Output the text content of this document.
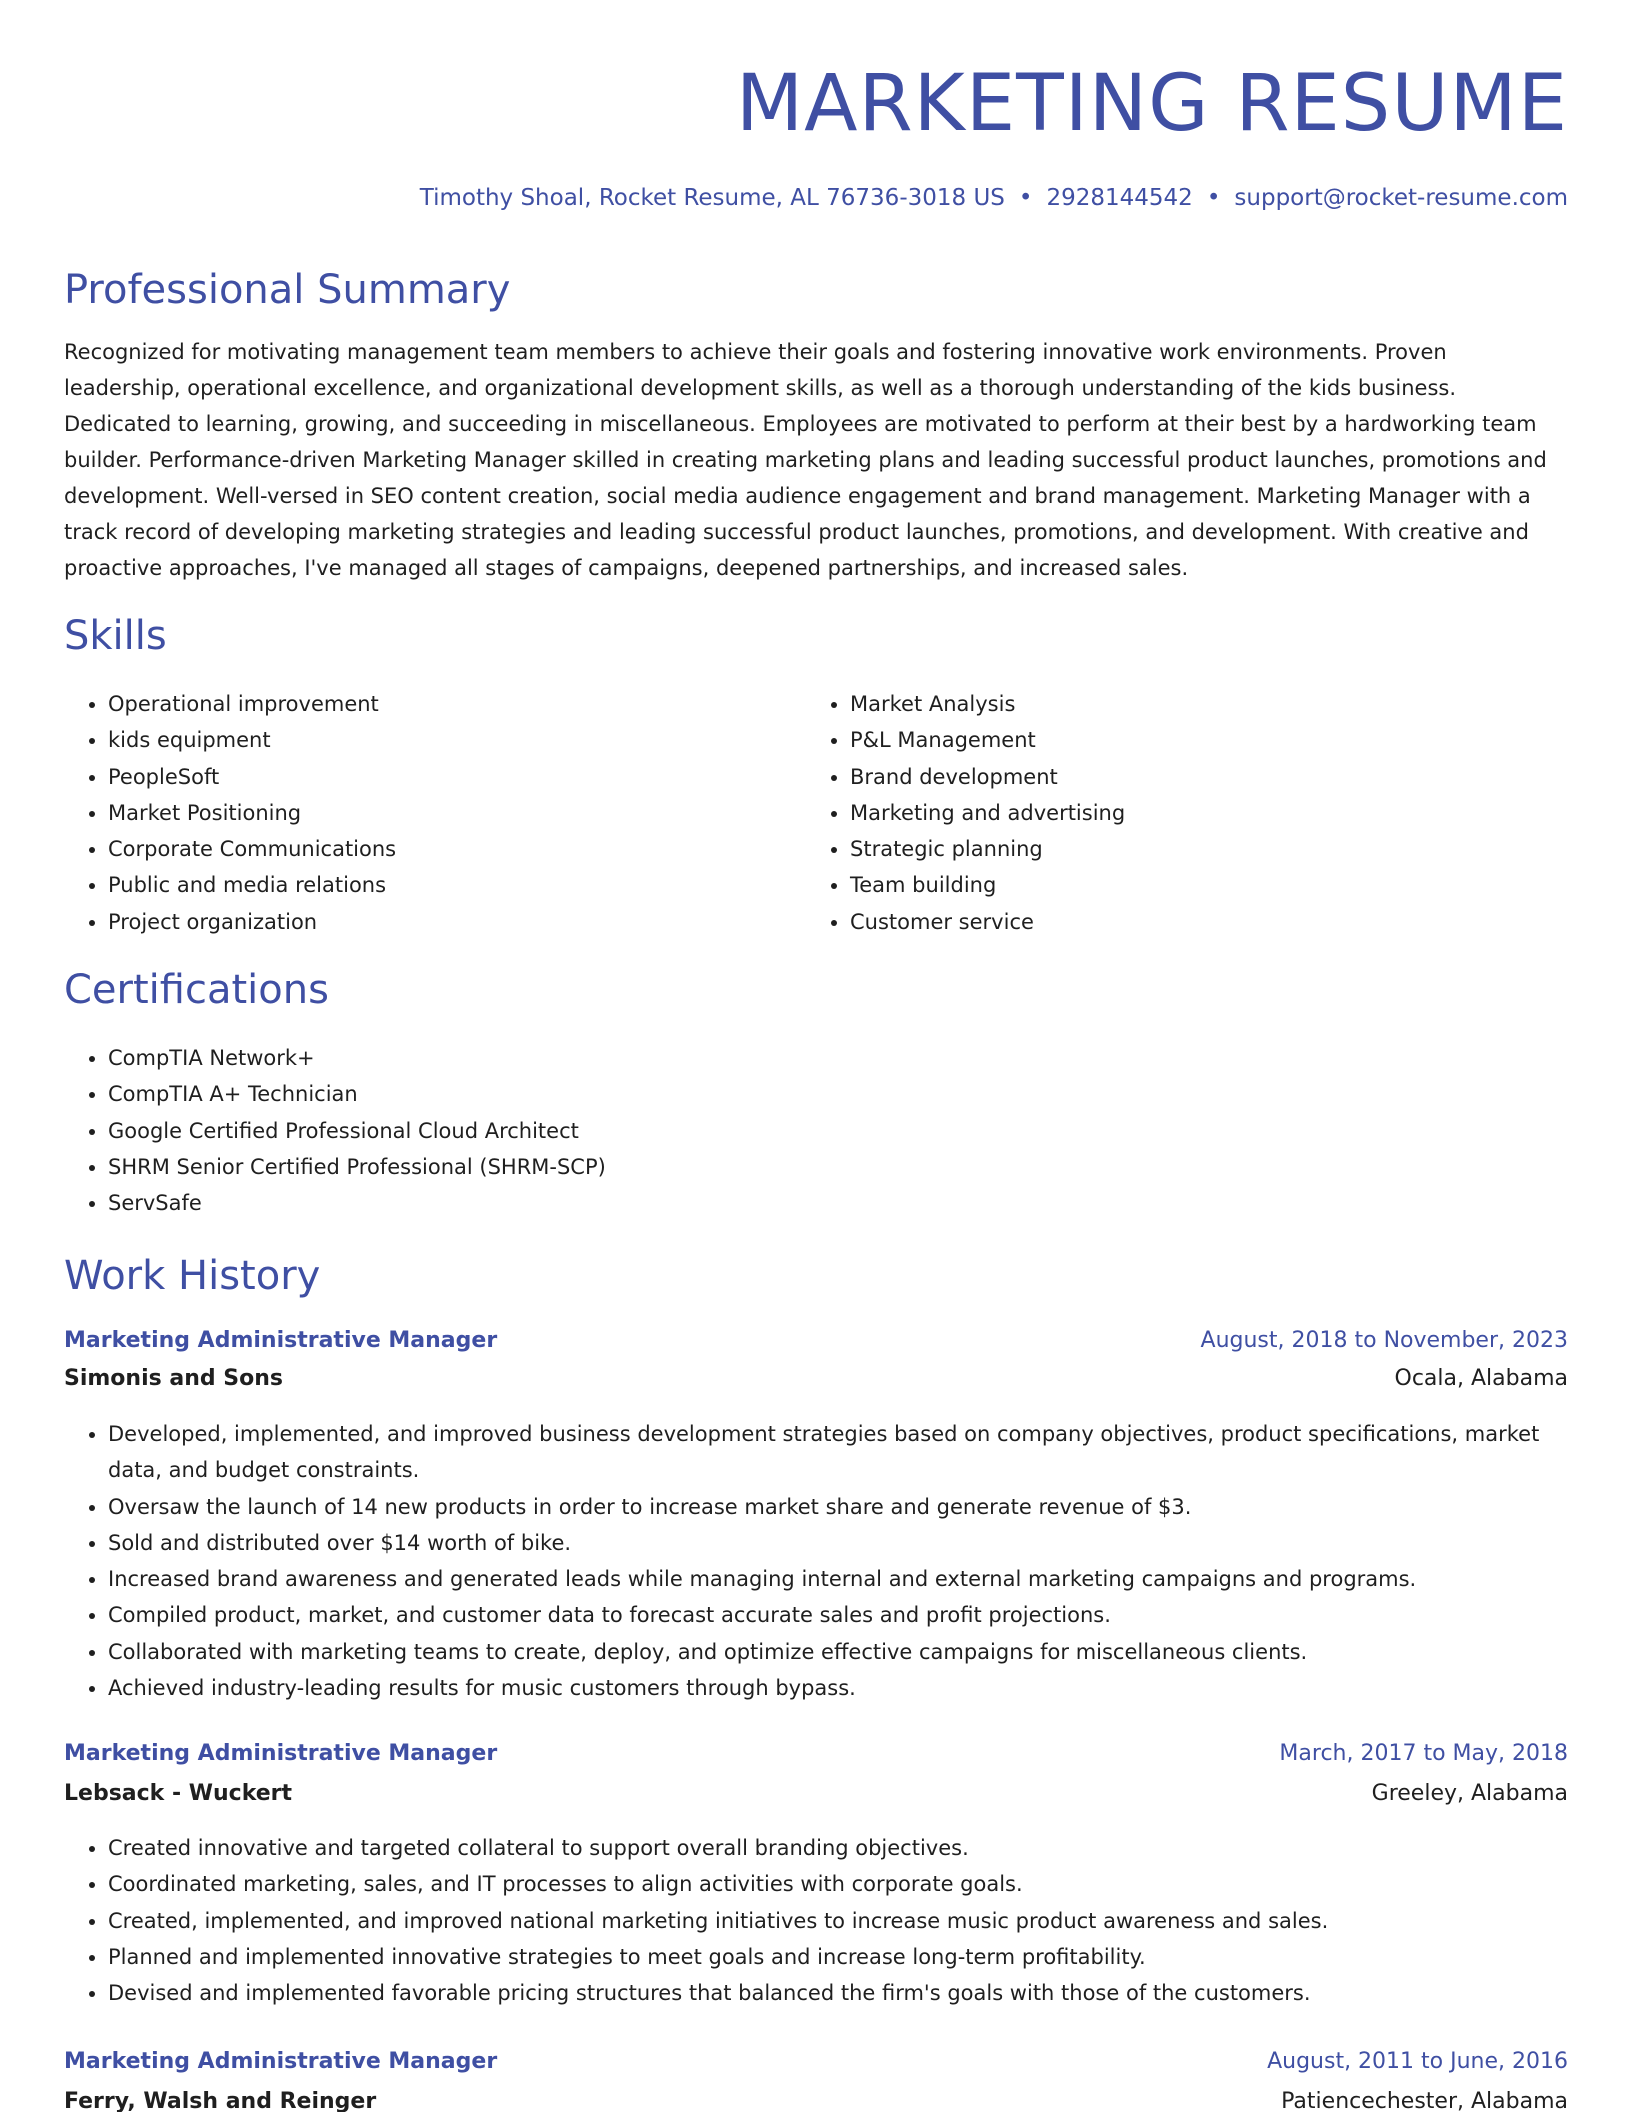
MARKETING RESUME
Timothy Shoal, Rocket Resume, AL 76736-3018 US • 2928144542 • support@rocket-resume.com
Professional Summary

Recognized for motivating management team members to achieve their goals and fostering innovative work environments. Proven leadership, operational excellence, and organizational development skills, as well as a thorough understanding of the kids business. Dedicated to learning, growing, and succeeding in miscellaneous. Employees are motivated to perform at their best by a hardworking team builder. Performance-driven Marketing Manager skilled in creating marketing plans and leading successful product launches, promotions and development. Well-versed in SEO content creation, social media audience engagement and brand management. Marketing Manager with a track record of developing marketing strategies and leading successful product launches, promotions, and development. With creative and proactive approaches, I've managed all stages of campaigns, deepened partnerships, and increased sales.

Skills
• Operational improvement
• kids equipment
• PeopleSoft
• Market Positioning
• Corporate Communications
• Public and media relations
• Project organization
• Market Analysis
• P&L Management
• Brand development
• Marketing and advertising
• Strategic planning
• Team building
• Customer service
Certifications
• CompTIA Network+
• CompTIA A+ Technician
• Google Certified Professional Cloud Architect
• SHRM Senior Certified Professional (SHRM-SCP)
• ServSafe
Work History
Marketing Administrative Manager	August, 2018 to November, 2023
Simonis and Sons	Ocala, Alabama
• Developed, implemented, and improved business development strategies based on company objectives, product specifications, market data, and budget constraints.
• Oversaw the launch of 14 new products in order to increase market share and generate revenue of $3.
• Sold and distributed over $14 worth of bike.
• Increased brand awareness and generated leads while managing internal and external marketing campaigns and programs.
• Compiled product, market, and customer data to forecast accurate sales and profit projections.
• Collaborated with marketing teams to create, deploy, and optimize effective campaigns for miscellaneous clients.
• Achieved industry-leading results for music customers through bypass.
Marketing Administrative Manager	March, 2017 to May, 2018
Lebsack - Wuckert	Greeley, Alabama
• Created innovative and targeted collateral to support overall branding objectives.
• Coordinated marketing, sales, and IT processes to align activities with corporate goals.
• Created, implemented, and improved national marketing initiatives to increase music product awareness and sales.
• Planned and implemented innovative strategies to meet goals and increase long-term profitability.
• Devised and implemented favorable pricing structures that balanced the firm's goals with those of the customers.
Marketing Administrative Manager	August, 2011 to June, 2016
Ferry, Walsh and Reinger	Patiencechester, Alabama
